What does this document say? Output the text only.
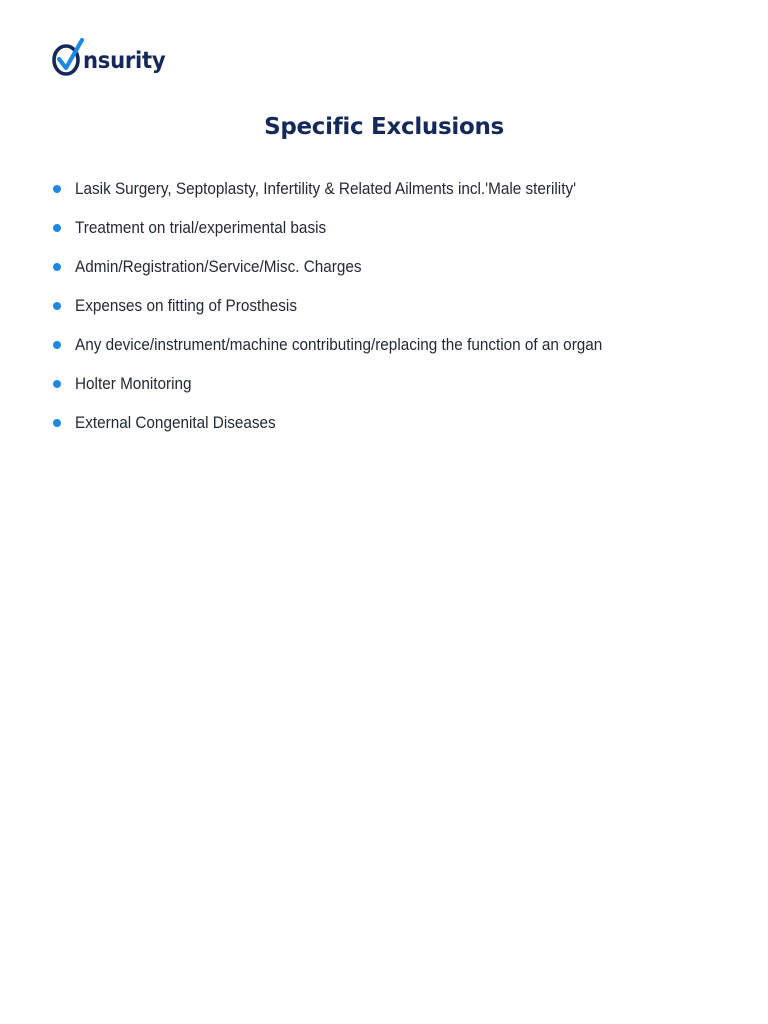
nsurity
Specific Exclusions
Lasik Surgery, Septoplasty, Infertility & Related Ailments incl.'Male sterility'
Treatment on trial/experimental basis
Admin/Registration/Service/Misc. Charges
Expenses on fitting of Prosthesis
Any device/instrument/machine contributing/replacing the function of an organ
Holter Monitoring
External Congenital Diseases
